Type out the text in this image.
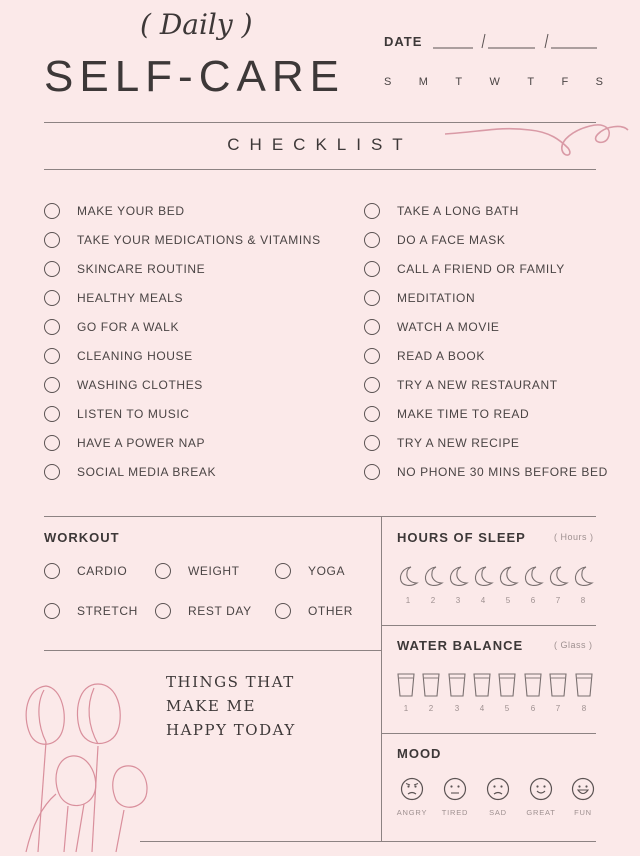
( Daily )
SELF-CARE
DATE
S M T W T F S
CHECKLIST
MAKE YOUR BED
TAKE YOUR MEDICATIONS & VITAMINS
SKINCARE ROUTINE
HEALTHY MEALS
GO FOR A WALK
CLEANING HOUSE
WASHING CLOTHES
LISTEN TO MUSIC
HAVE A POWER NAP
SOCIAL MEDIA BREAK
TAKE A LONG BATH
DO A FACE MASK
CALL A FRIEND OR FAMILY
MEDITATION
WATCH A MOVIE
READ A BOOK
TRY A NEW RESTAURANT
MAKE TIME TO READ
TRY A NEW RECIPE
NO PHONE 30 MINS BEFORE BED
WORKOUT
CARDIO	WEIGHT	YOGA
STRETCH	REST DAY	OTHER
THINGS THAT
MAKE ME
HAPPY TODAY
HOURS OF SLEEP	( Hours )
1	2	3	4	5	6	7	8
WATER BALANCE	( Glass )
1	2	3	4	5	6	7	8
MOOD
ANGRY	TIRED	SAD	GREAT	FUN
